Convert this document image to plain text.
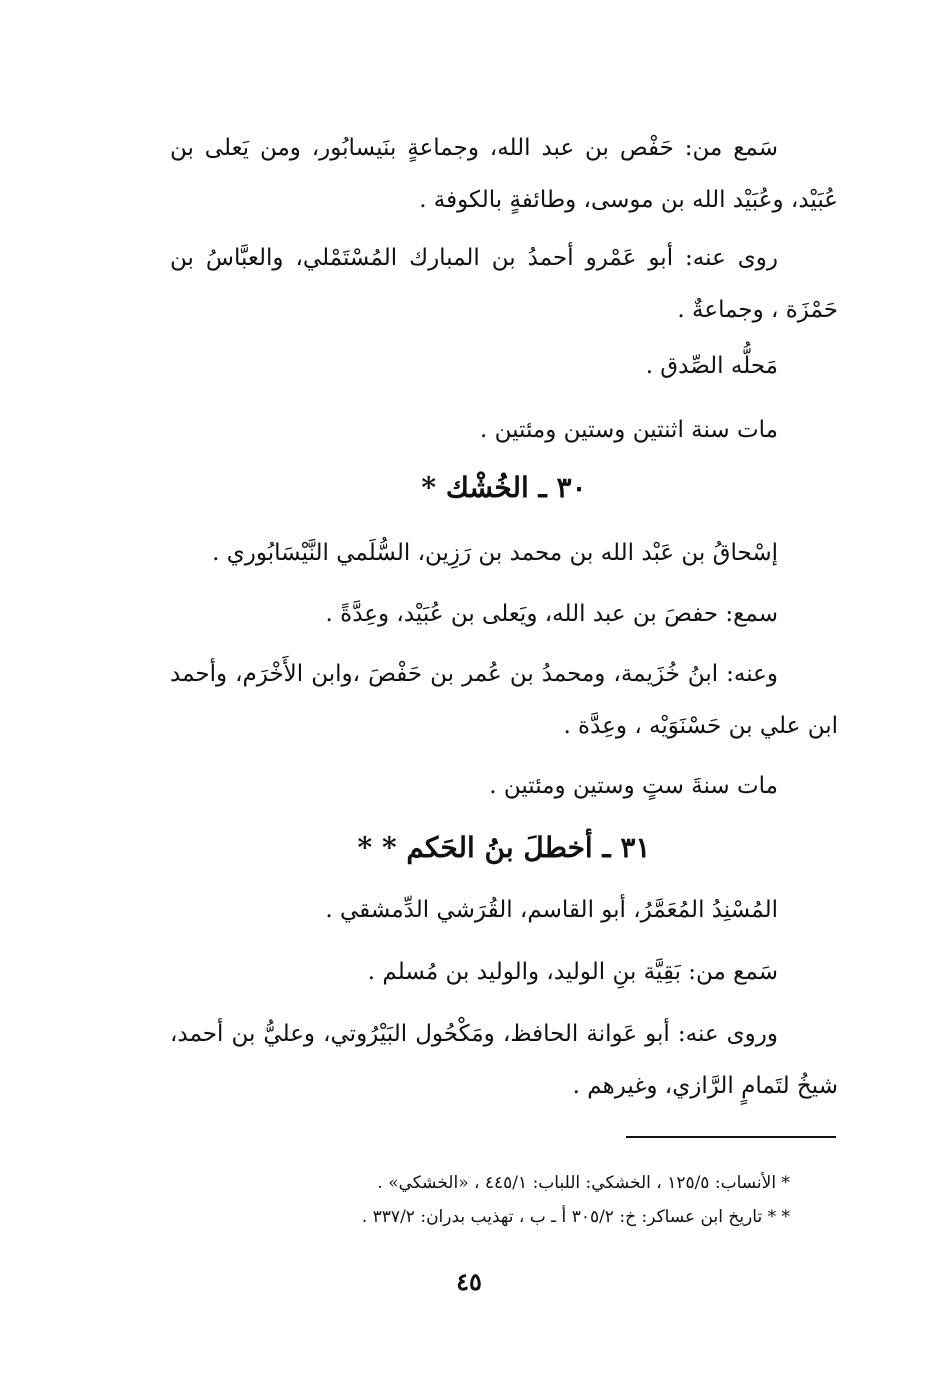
سَمع من: حَفْص بن عبد الله، وجماعةٍ بنَيسابُور، ومن يَعلى بن عُبَيْد، وعُبَيْد الله بن موسى، وطائفةٍ بالكوفة .

روى عنه: أبو عَمْرو أحمدُ بن المبارك المُسْتَمْلي، والعبَّاسُ بن حَمْزَة ، وجماعةٌ .

مَحلُّه الصِّدق .

مات سنة اثنتين وستين ومئتين .

٣٠ ـ الخُشْك *

إسْحاقُ بن عَبْد الله بن محمد بن رَزِين، السُّلَمي النَّيْسَابُوري .

سمع: حفصَ بن عبد الله، ويَعلى بن عُبَيْد، وعِدَّةً .

وعنه: ابنُ خُزَيمة، ومحمدُ بن عُمر بن حَفْصَ ،وابن الأَخْرَم، وأحمد ابن علي بن حَسْنَوَيْه ، وعِدَّة .

مات سنةَ ستٍ وستين ومئتين .

٣١ ـ أخطلَ بنُ الحَكم * *

المُسْنِدُ المُعَمَّرُ، أبو القاسم، القُرَشي الدِّمشقي .

سَمع من: بَقِيَّة بنِ الوليد، والوليد بن مُسلم .

وروى عنه: أبو عَوانة الحافظ، ومَكْحُول البَيْرُوتي، وعليُّ بن أحمد، شيخُ لتَمامٍ الرَّازي، وغيرهم .

* الأنساب: ١٢٥/٥ ، الخشكي: اللباب: ٤٤٥/١ ، «الخشكي» .

* * تاريخ ابن عساكر: خ: ٣٠٥/٢ أ ـ ب ، تهذيب بدران: ٣٣٧/٢ .

٤٥
